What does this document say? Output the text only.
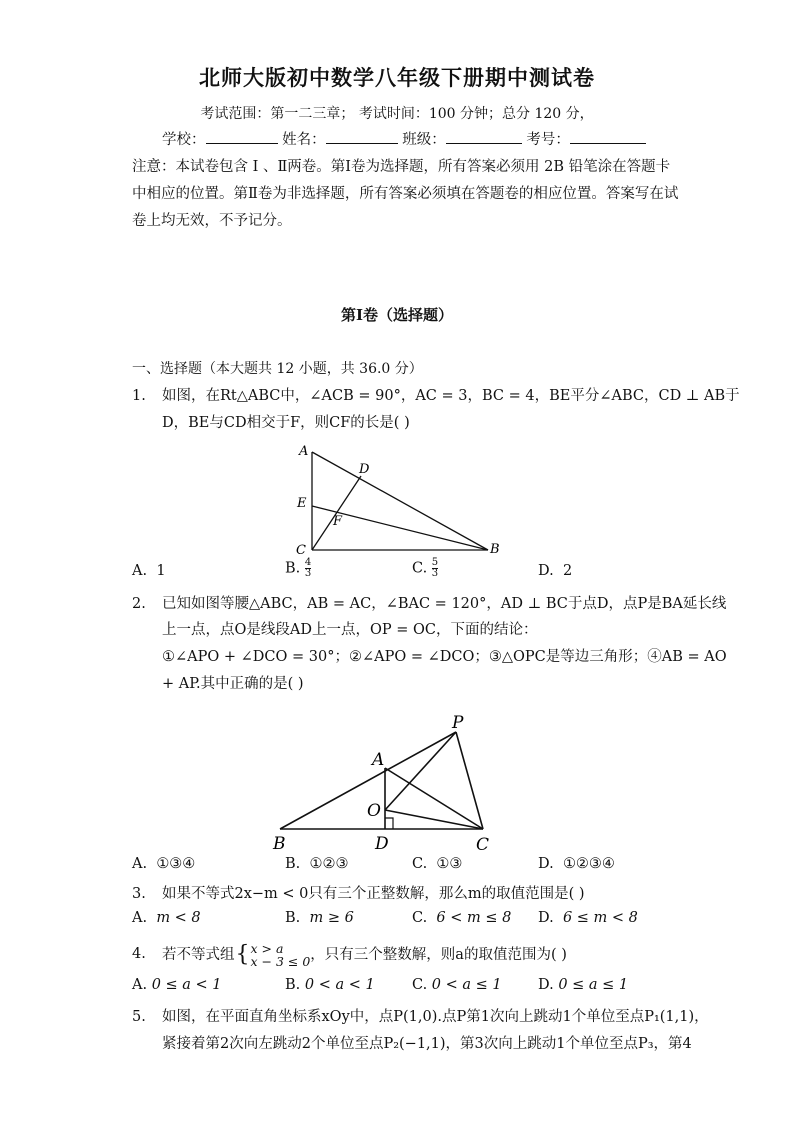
北师大版初中数学八年级下册期中测试卷
考试范围：第一二三章； 考试时间：100 分钟；总分 120 分，
学校：	姓名：	班级：	考号：
注意：本试卷包含 Ⅰ 、Ⅱ两卷。第Ⅰ卷为选择题，所有答案必须用 2B 铅笔涂在答题卡
中相应的位置。第Ⅱ卷为非选择题，所有答案必须填在答题卷的相应位置。答案写在试
卷上均无效，不予记分。
第Ⅰ卷（选择题）
一、选择题（本大题共 12 小题，共 36.0 分）
1. 如图，在Rt△ABC中，∠ACB = 90°，AC = 3，BC = 4，BE平分∠ABC，CD ⊥ AB于
D，BE与CD相交于F，则CF的长是( )
A
D
E
F
C	B
A. 1	B. $\frac{4}{3}$	C. $\frac{5}{3}$	D. 2
2. 已知如图等腰△ABC，AB = AC，∠BAC = 120°，AD ⊥ BC于点D，点P是BA延长线
上一点，点O是线段AD上一点，OP = OC，下面的结论：
①∠APO + ∠DCO = 30°；②∠APO = ∠DCO；③△OPC是等边三角形；④AB = AO
+ AP.其中正确的是( )
P
A
O
B	D	C
A. ①③④	B. ①②③	C. ①③	D. ①②③④
3. 如果不等式2x−m < 0只有三个正整数解，那么m的取值范围是( )
A. m < 8	B. m ≥ 6	C. 6 < m ≤ 8 D. 6 ≤ m < 8
4. 若不等式组{ x > a
x − 3 ≤ 0 ，只有三个整数解，则a的取值范围为( )
A. 0 ≤ a < 1	B. 0 < a < 1	C. 0 < a ≤ 1	D. 0 ≤ a ≤ 1
5. 如图，在平面直角坐标系xOy中，点P(1,0).点P第1次向上跳动1个单位至点P₁(1,1)，
紧接着第2次向左跳动2个单位至点P₂(−1,1)，第3次向上跳动1个单位至点P₃，第4
